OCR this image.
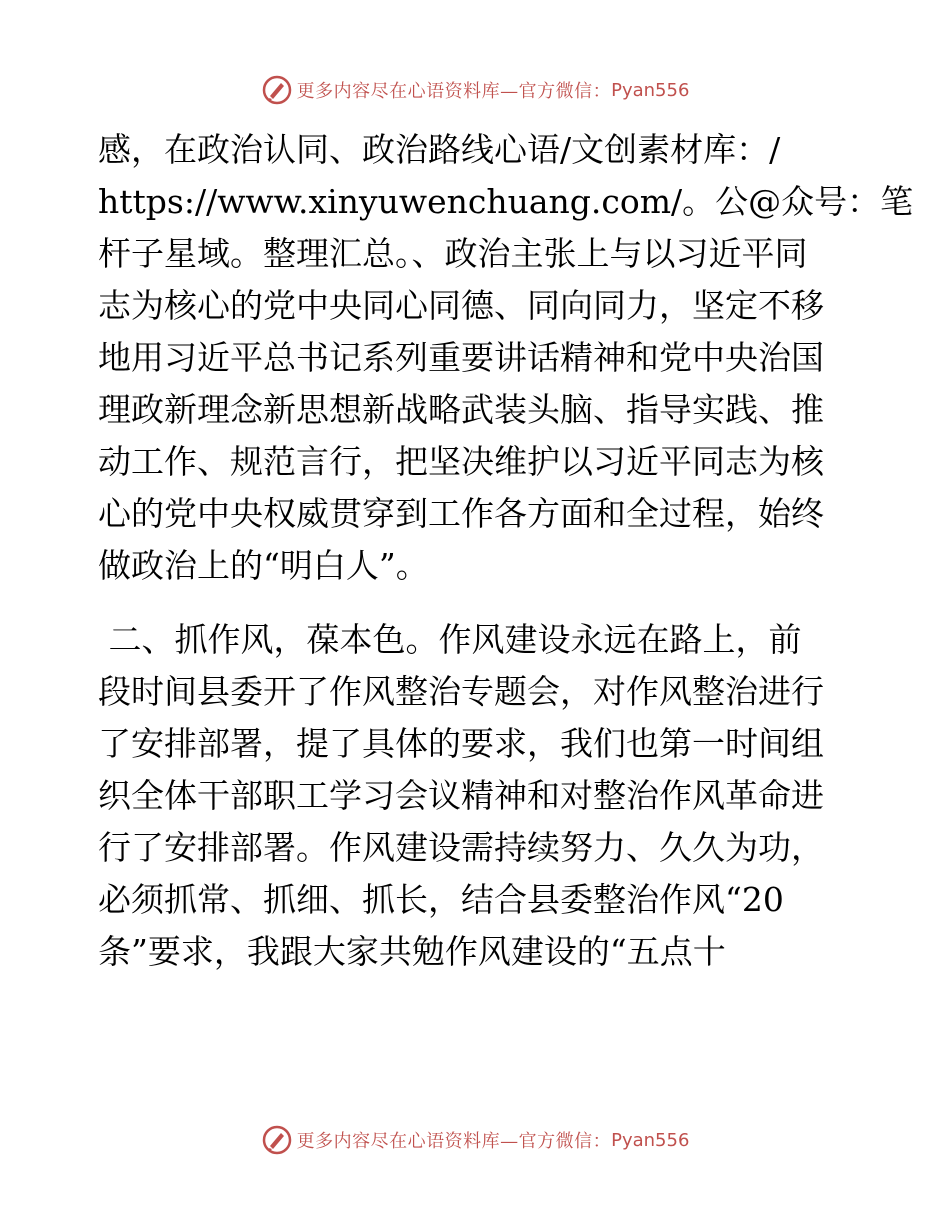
更多内容尽在心语资料库—官方微信： Pyan556
感，在政治认同、政治路线心语/文创素材库：/
https://www.xinyuwenchuang.com/。公@众号：笔
杆子星域。整理汇总。、政治主张上与以习近平同
志为核心的党中央同心同德、同向同力，坚定不移
地用习近平总书记系列重要讲话精神和党中央治国
理政新理念新思想新战略武装头脑、指导实践、推
动工作、规范言行，把坚决维护以习近平同志为核
心的党中央权威贯穿到工作各方面和全过程，始终
做政治上的“明白人”。
二、抓作风，葆本色。作风建设永远在路上，前
段时间县委开了作风整治专题会，对作风整治进行
了安排部署，提了具体的要求，我们也第一时间组
织全体干部职工学习会议精神和对整治作风革命进
行了安排部署。作风建设需持续努力、久久为功，
必须抓常、抓细、抓长，结合县委整治作风“20
条”要求，我跟大家共勉作风建设的“五点十
更多内容尽在心语资料库—官方微信： Pyan556
